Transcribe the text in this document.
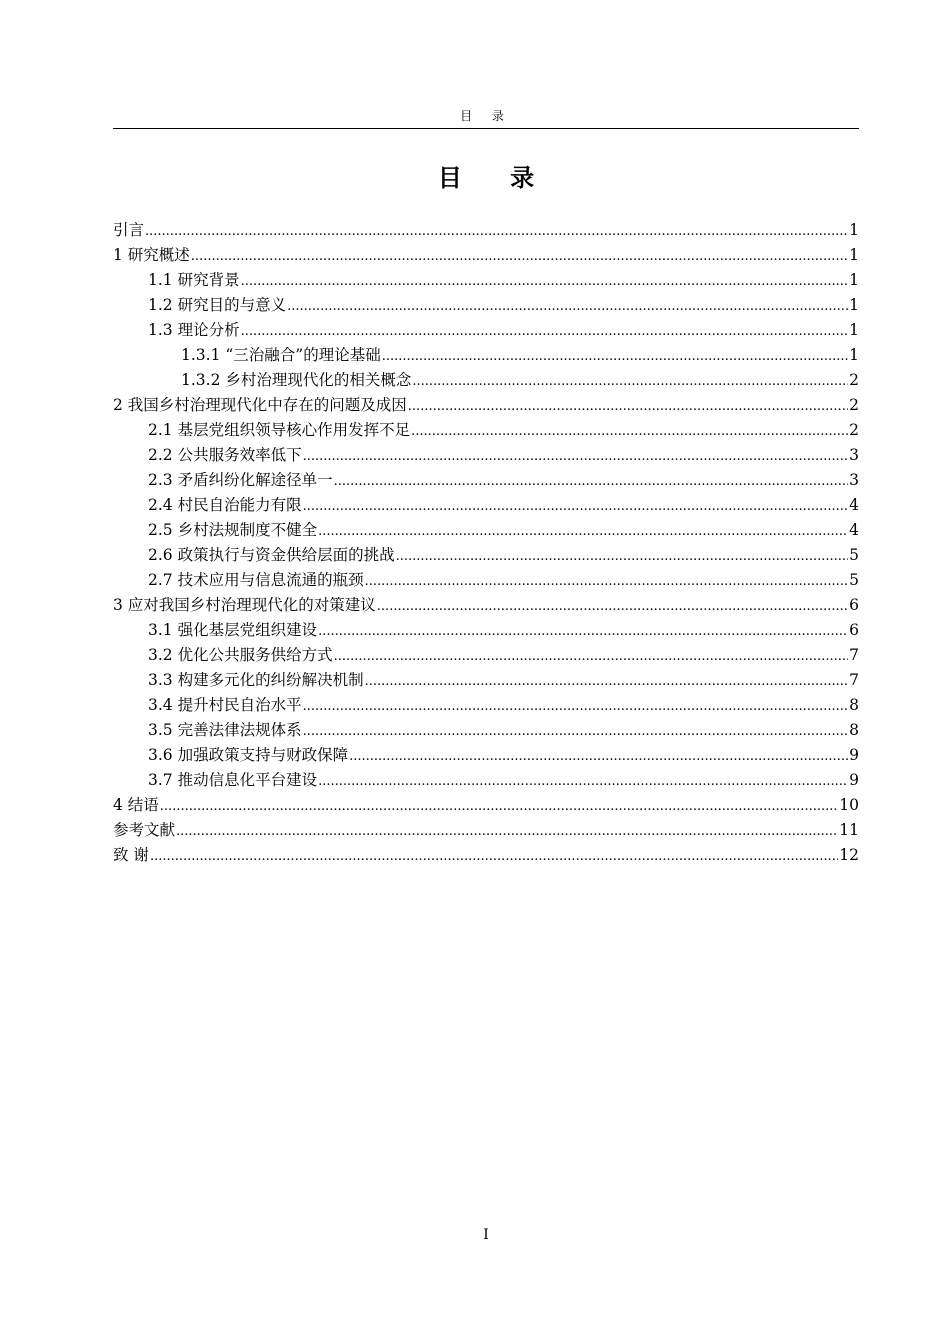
目 录
目 录
引言 .....	1
1 研究概述 .....	1
1.1 研究背景 .....	1
1.2 研究目的与意义 .....	1
1.3 理论分析 .....	1
1.3.1 “三治融合”的理论基础 .....	1
1.3.2 乡村治理现代化的相关概念 .....	2
2 我国乡村治理现代化中存在的问题及成因 .....	2
2.1 基层党组织领导核心作用发挥不足 .....	2
2.2 公共服务效率低下 .....	3
2.3 矛盾纠纷化解途径单一 .....	3
2.4 村民自治能力有限 .....	4
2.5 乡村法规制度不健全 .....	4
2.6 政策执行与资金供给层面的挑战 .....	5
2.7 技术应用与信息流通的瓶颈 .....	5
3 应对我国乡村治理现代化的对策建议 .....	6
3.1 强化基层党组织建设 .....	6
3.2 优化公共服务供给方式 .....	7
3.3 构建多元化的纠纷解决机制 .....	7
3.4 提升村民自治水平 .....	8
3.5 完善法律法规体系 .....	8
3.6 加强政策支持与财政保障 .....	9
3.7 推动信息化平台建设 .....	9
4 结语 .....	10
参考文献 .....	11
致 谢 .....	12
I
